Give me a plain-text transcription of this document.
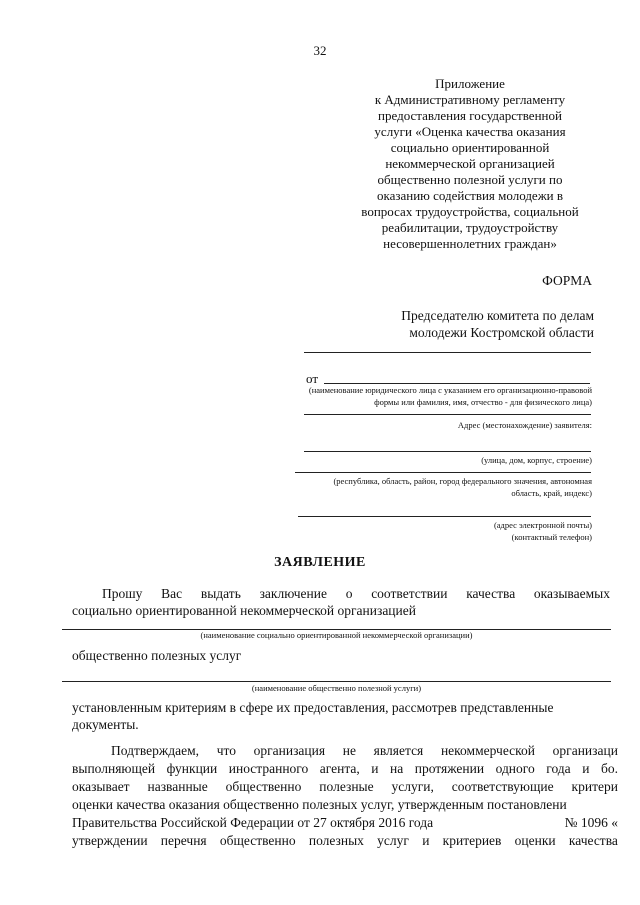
32
Приложение
к Административному регламенту
предоставления государственной
услуги «Оценка качества оказания
социально ориентированной
некоммерческой организацией
общественно полезной услуги по
оказанию содействия молодежи в
вопросах трудоустройства, социальной
реабилитации, трудоустройству
несовершеннолетних граждан»
ФОРМА
Председателю комитета по делам
молодежи Костромской области
от
(наименование юридического лица с указанием его организационно-правовой
формы или фамилия, имя, отчество - для физического лица)
Адрес (местонахождение) заявителя:
(улица, дом, корпус, строение)
(республика, область, район, город федерального значения, автономная
область, край, индекс)
(адрес электронной почты)
(контактный телефон)
ЗАЯВЛЕНИЕ
Прошу Вас выдать заключение о соответствии качества оказываемых
социально ориентированной некоммерческой организацией
(наименование социально ориентированной некоммерческой организации)
общественно полезных услуг
(наименование общественно полезной услуги)
установленным критериям в сфере их предоставления, рассмотрев представленные
документы.
Подтверждаем, что организация не является некоммерческой организаци
выполняющей функции иностранного агента, и на протяжении одного года и бо.
оказывает названные общественно полезные услуги, соответствующие критери
оценки качества оказания общественно полезных услуг, утвержденным постановлени
Правительства Российской Федерации от 27 октября 2016 года	№ 1096 «
утверждении перечня общественно полезных услуг и критериев оценки качества
